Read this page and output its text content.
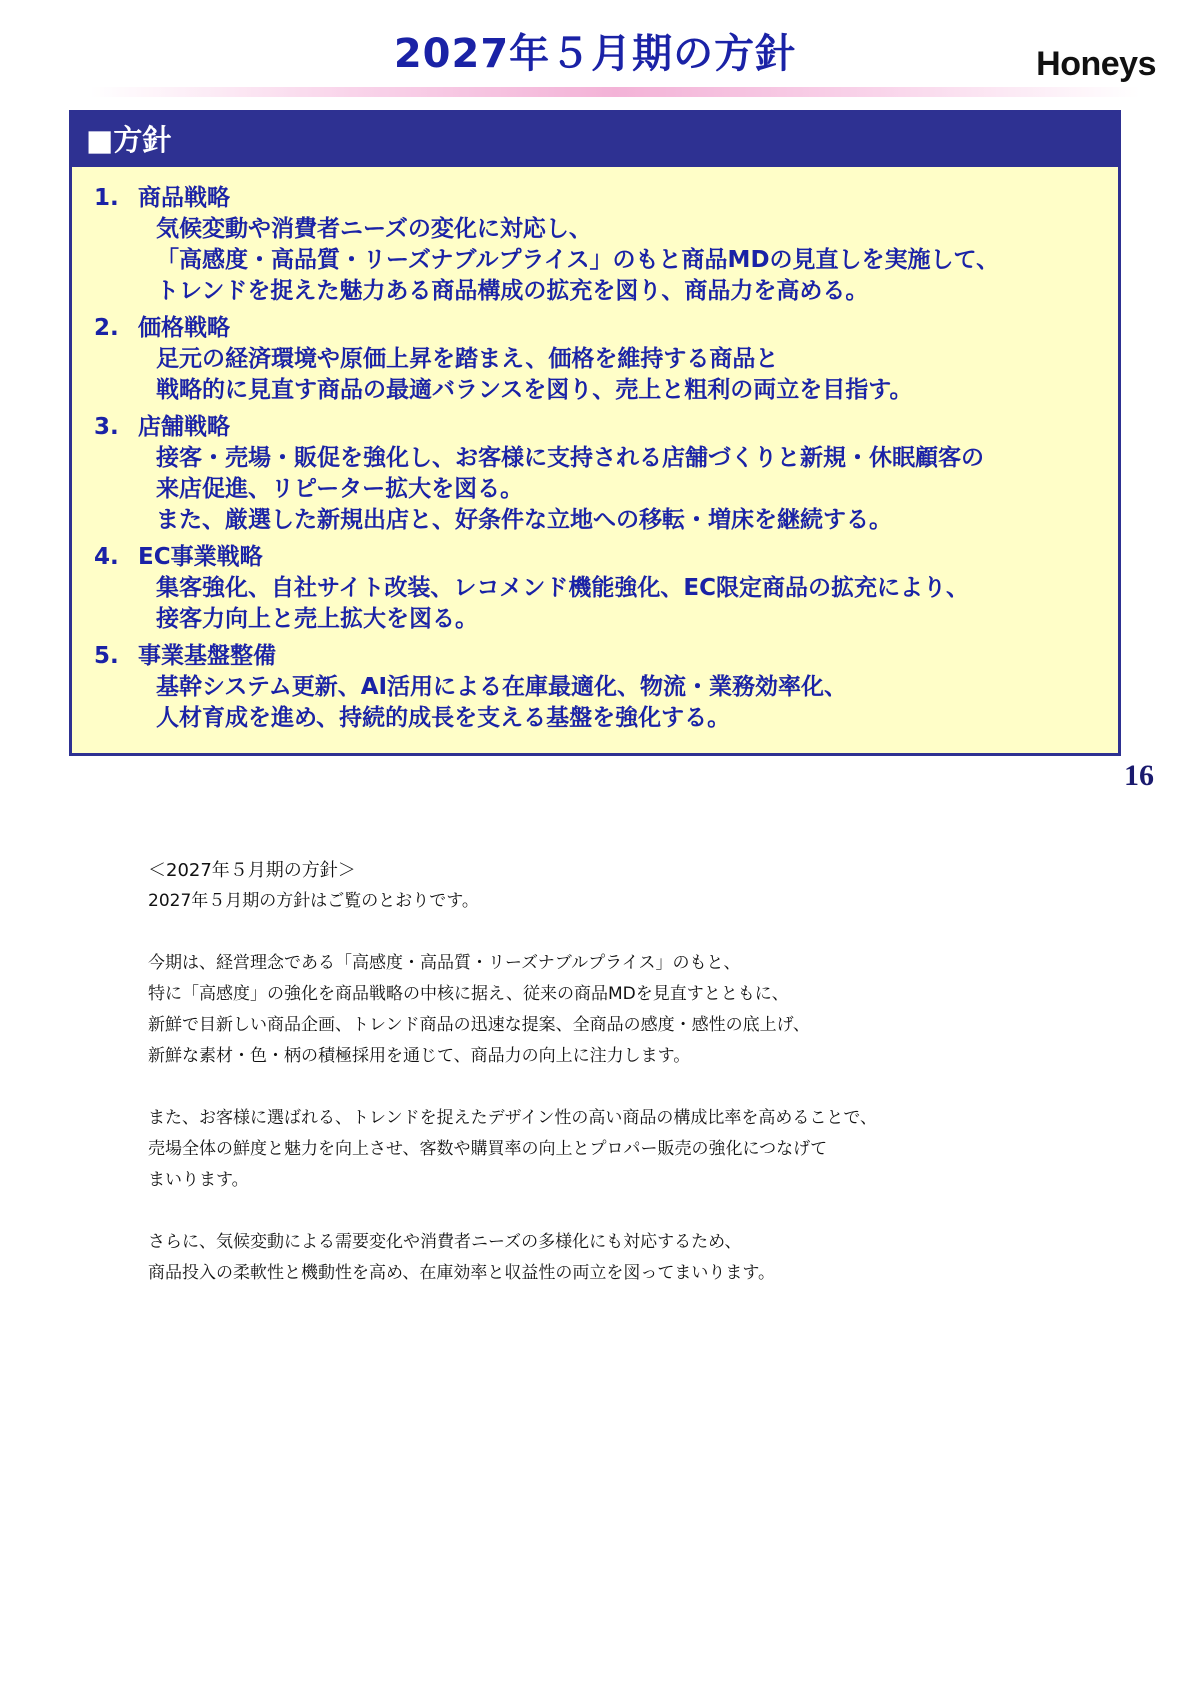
2027年５月期の方針	Honeys
■方針
1. 商品戦略
気候変動や消費者ニーズの変化に対応し、
「高感度・高品質・リーズナブルプライス」のもと商品MDの見直しを実施して、
トレンドを捉えた魅力ある商品構成の拡充を図り、商品力を高める。
2. 価格戦略
足元の経済環境や原価上昇を踏まえ、価格を維持する商品と
戦略的に見直す商品の最適バランスを図り、売上と粗利の両立を目指す。
3. 店舗戦略
接客・売場・販促を強化し、お客様に支持される店舗づくりと新規・休眠顧客の
来店促進、リピーター拡大を図る。
また、厳選した新規出店と、好条件な立地への移転・増床を継続する。
4. EC事業戦略
集客強化、自社サイト改装、レコメンド機能強化、EC限定商品の拡充により、
接客力向上と売上拡大を図る。
5. 事業基盤整備
基幹システム更新、AI活用による在庫最適化、物流・業務効率化、
人材育成を進め、持続的成長を支える基盤を強化する。
16
＜2027年５月期の方針＞
2027年５月期の方針はご覧のとおりです。
今期は、経営理念である「高感度・高品質・リーズナブルプライス」のもと、
特に「高感度」の強化を商品戦略の中核に据え、従来の商品MDを見直すとともに、
新鮮で目新しい商品企画、トレンド商品の迅速な提案、全商品の感度・感性の底上げ、
新鮮な素材・色・柄の積極採用を通じて、商品力の向上に注力します。
また、お客様に選ばれる、トレンドを捉えたデザイン性の高い商品の構成比率を高めることで、
売場全体の鮮度と魅力を向上させ、客数や購買率の向上とプロパー販売の強化につなげて
まいります。
さらに、気候変動による需要変化や消費者ニーズの多様化にも対応するため、
商品投入の柔軟性と機動性を高め、在庫効率と収益性の両立を図ってまいります。
